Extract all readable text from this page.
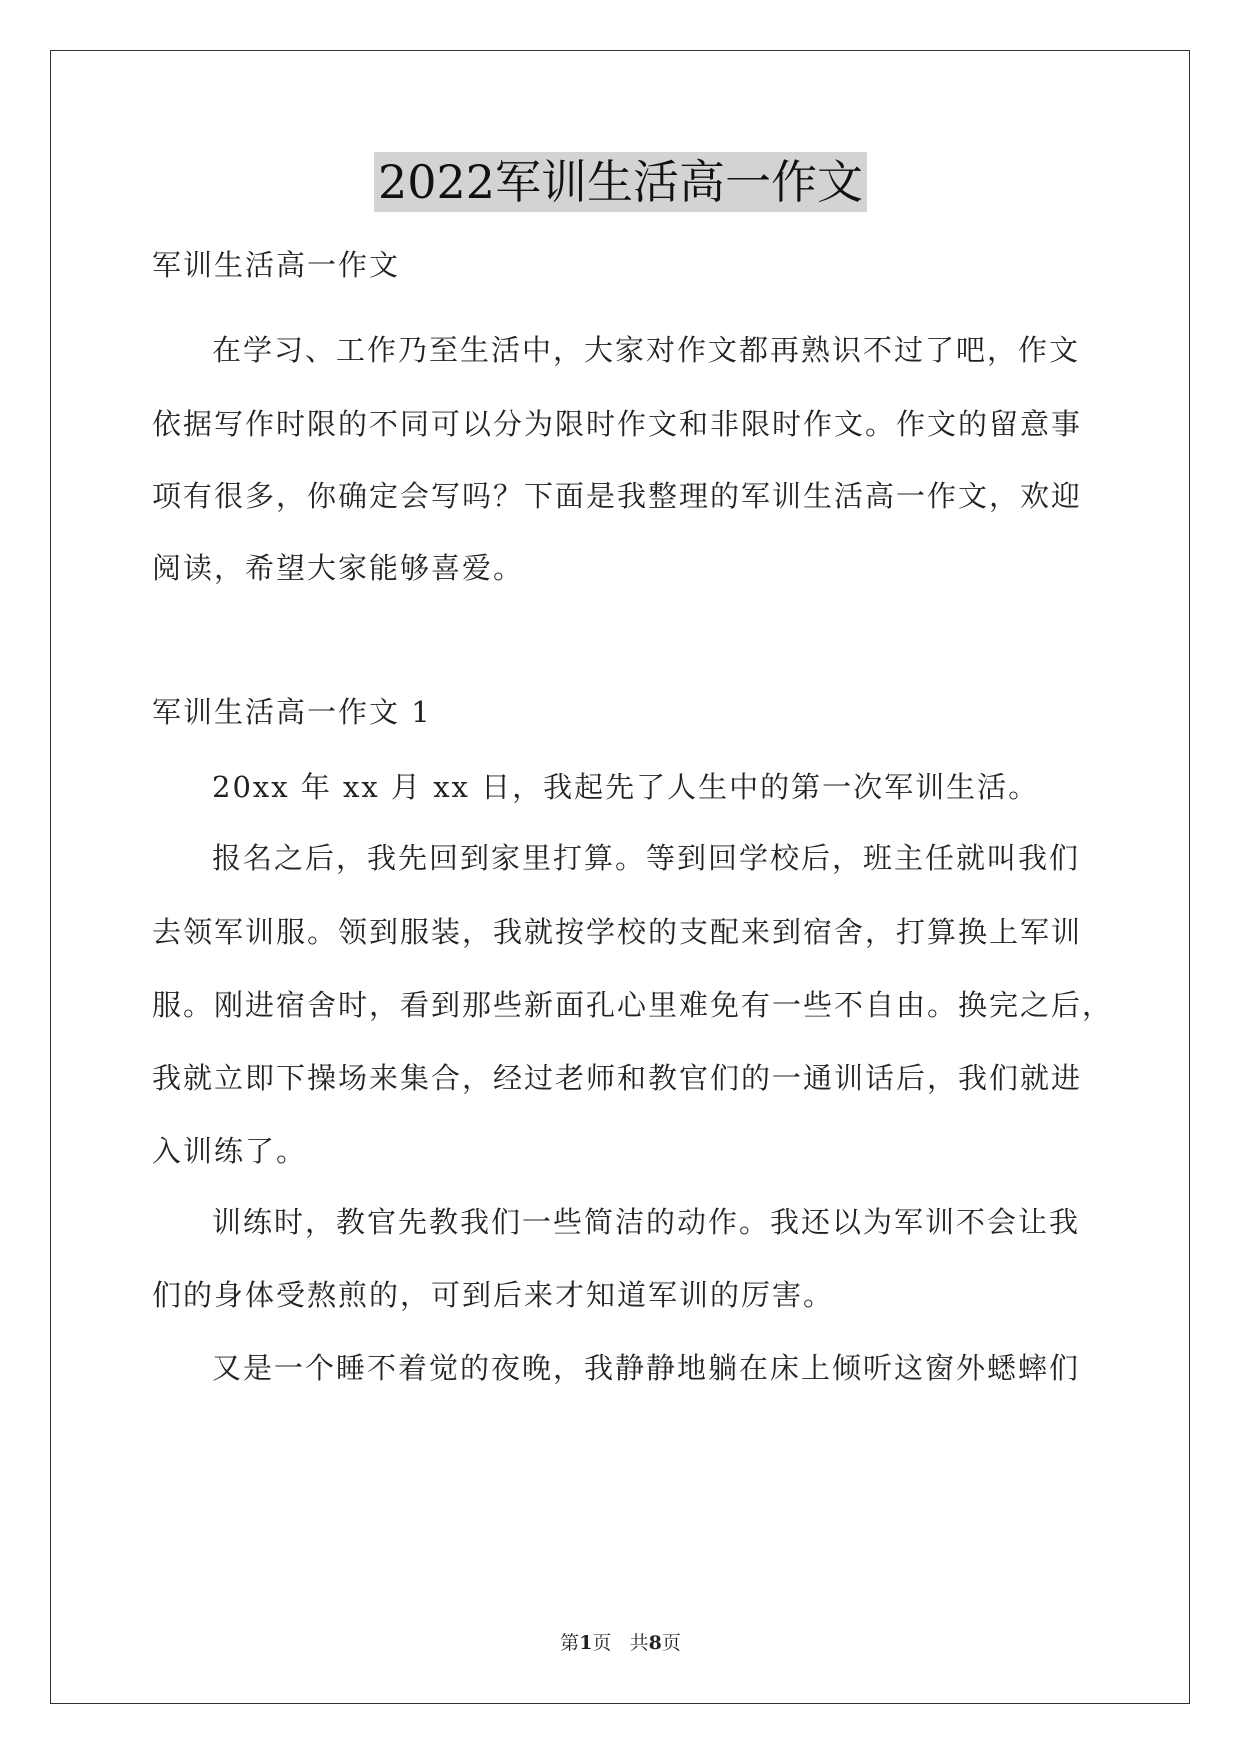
2022军训生活高一作文
军训生活高一作文
在学习、工作乃至生活中，大家对作文都再熟识不过了吧，作文
依据写作时限的不同可以分为限时作文和非限时作文。作文的留意事
项有很多，你确定会写吗？下面是我整理的军训生活高一作文，欢迎
阅读，希望大家能够喜爱。
军训生活高一作文 1
20xx 年 xx 月 xx 日，我起先了人生中的第一次军训生活。
报名之后，我先回到家里打算。等到回学校后，班主任就叫我们
去领军训服。领到服装，我就按学校的支配来到宿舍，打算换上军训
服。刚进宿舍时，看到那些新面孔心里难免有一些不自由。换完之后，
我就立即下操场来集合，经过老师和教官们的一通训话后，我们就进
入训练了。
训练时，教官先教我们一些简洁的动作。我还以为军训不会让我
们的身体受熬煎的，可到后来才知道军训的厉害。
又是一个睡不着觉的夜晚，我静静地躺在床上倾听这窗外蟋蟀们
第1页 共8页
